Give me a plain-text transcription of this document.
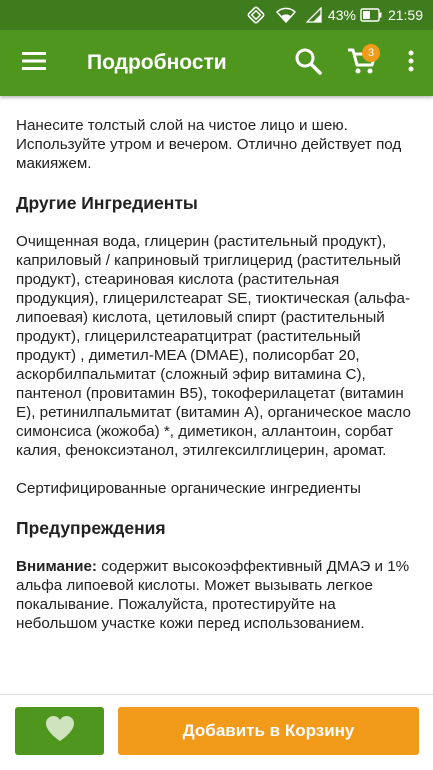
43% 21:59
Подробности	3

Нанесите толстый слой на чистое лицо и шею. Используйте утром и вечером. Отлично действует под макияжем.

Другие Ингредиенты

Очищенная вода, глицерин (растительный продукт), каприловый / каприновый триглицерид (растительный продукт), стеариновая кислота (растительная продукция), глицерилстеарат SE, тиоктическая (альфа-липоевая) кислота, цетиловый спирт (растительный продукт), глицерилстеаратцитрат (растительный продукт) , диметил-MEA (DMAE), полисорбат 20, аскорбилпальмитат (сложный эфир витамина C), пантенол (провитамин B5), токоферилацетат (витамин E), ретинилпальмитат (витамин A), органическое масло симонсиса (жожоба) *, диметикон, аллантоин, сорбат калия, феноксиэтанол, этилгексилглицерин, аромат.

Сертифицированные органические ингредиенты

Предупреждения

Внимание: содержит высокоэффективный ДМАЭ и 1% альфа липоевой кислоты. Может вызывать легкое покалывание. Пожалуйста, протестируйте на небольшом участке кожи перед использованием.

Добавить в Корзину
